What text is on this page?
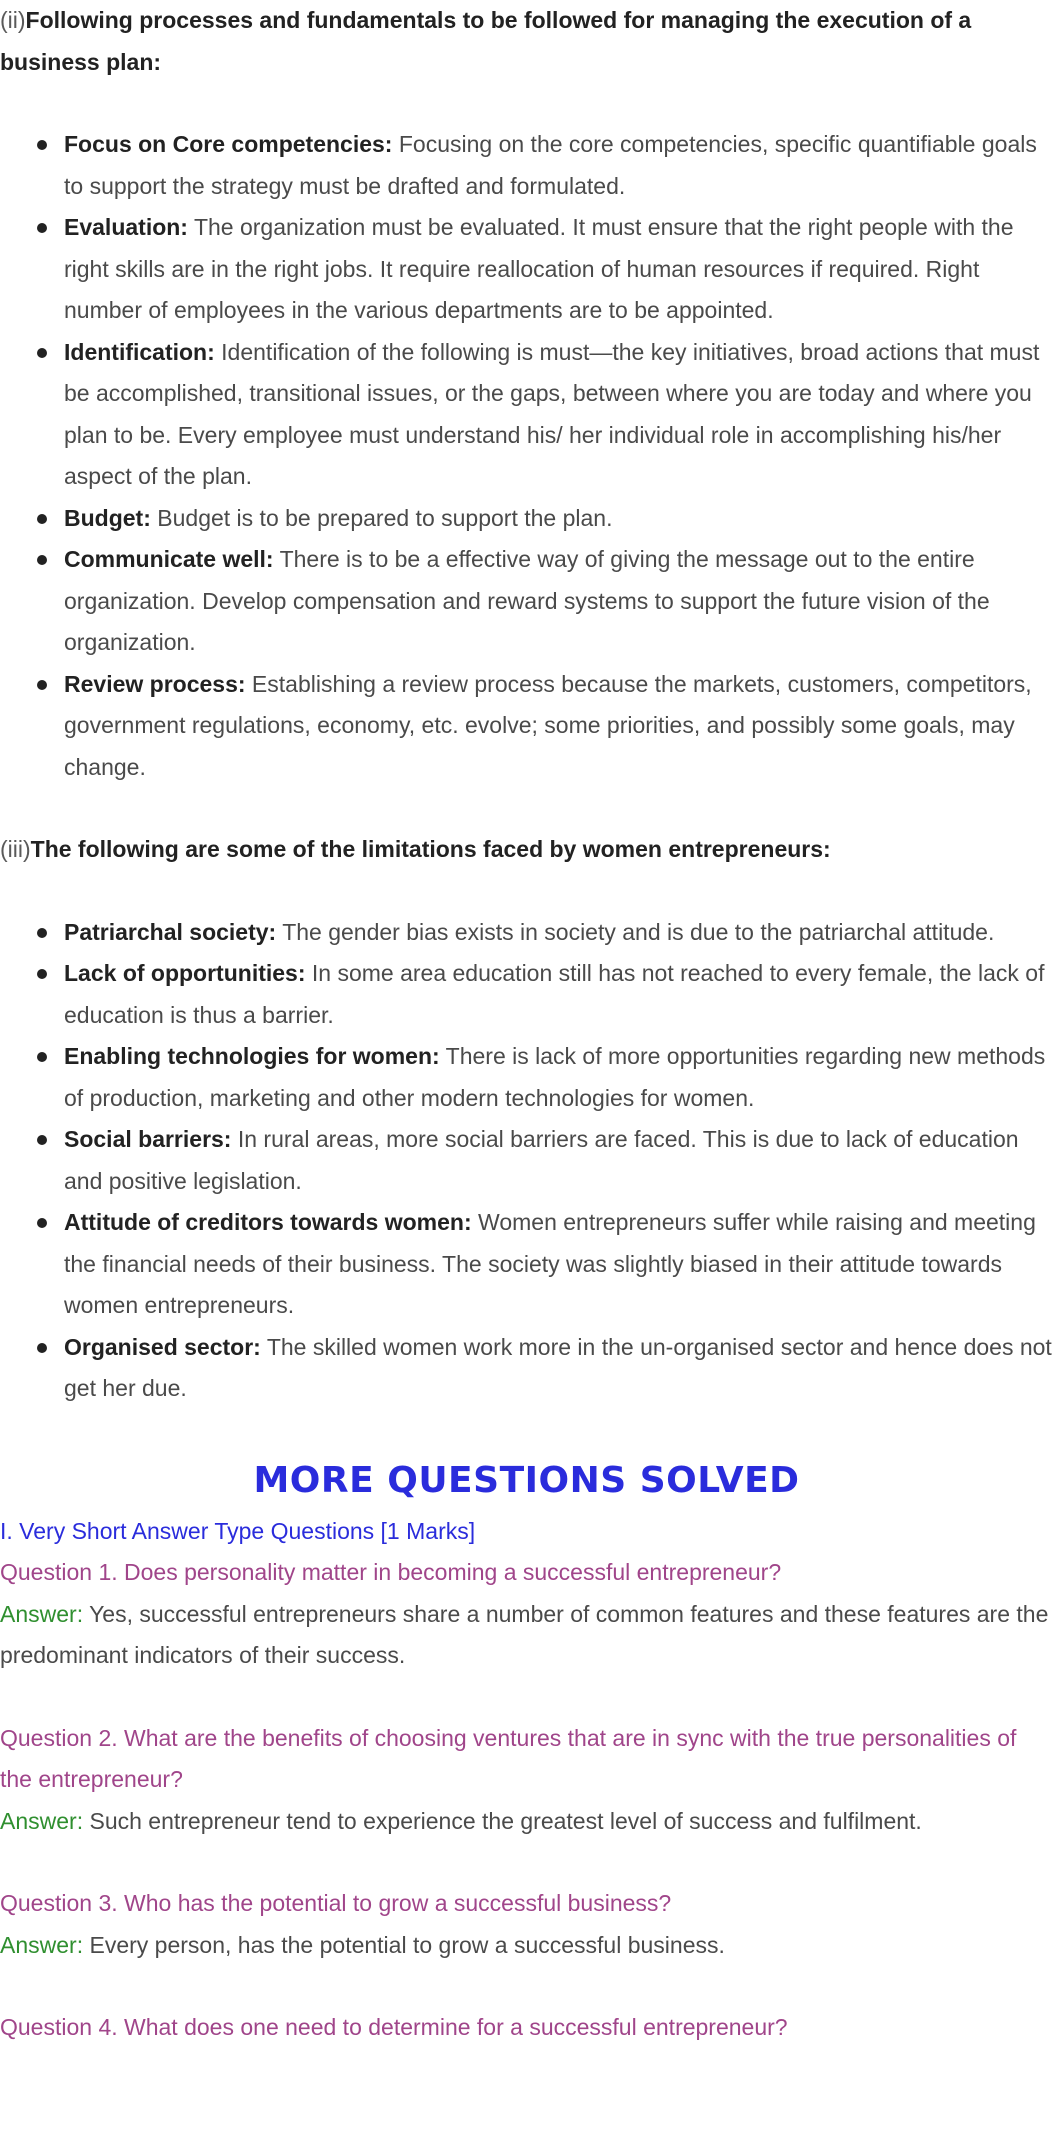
(ii)Following processes and fundamentals to be followed for managing the execution of a business plan:

Focus on Core competencies: Focusing on the core competencies, specific quantifiable goals to support the strategy must be drafted and formulated.
Evaluation: The organization must be evaluated. It must ensure that the right people with the right skills are in the right jobs. It require reallocation of human resources if required. Right number of employees in the various departments are to be appointed.
Identification: Identification of the following is must—the key initiatives, broad actions that must be accomplished, transitional issues, or the gaps, between where you are today and where you plan to be. Every employee must understand his/ her individual role in accomplishing his/her aspect of the plan.
Budget: Budget is to be prepared to support the plan.
Communicate well: There is to be a effective way of giving the message out to the entire organization. Develop compensation and reward systems to support the future vision of the organization.
Review process: Establishing a review process because the markets, customers, competitors, government regulations, economy, etc. evolve; some priorities, and possibly some goals, may change.

(iii)The following are some of the limitations faced by women entrepreneurs:

Patriarchal society: The gender bias exists in society and is due to the patriarchal attitude.
Lack of opportunities: In some area education still has not reached to every female, the lack of education is thus a barrier.
Enabling technologies for women: There is lack of more opportunities regarding new methods of production, marketing and other modern technologies for women.
Social barriers: In rural areas, more social barriers are faced. This is due to lack of education and positive legislation.
Attitude of creditors towards women: Women entrepreneurs suffer while raising and meeting the financial needs of their business. The society was slightly biased in their attitude towards women entrepreneurs.
Organised sector: The skilled women work more in the un-organised sector and hence does not get her due.
MORE QUESTIONS SOLVED

I. Very Short Answer Type Questions [1 Marks]

Question 1. Does personality matter in becoming a successful entrepreneur?

Answer: Yes, successful entrepreneurs share a number of common features and these features are the predominant indicators of their success.

Question 2. What are the benefits of choosing ventures that are in sync with the true personalities of the entrepreneur?

Answer: Such entrepreneur tend to experience the greatest level of success and fulfilment.

Question 3. Who has the potential to grow a successful business?

Answer: Every person, has the potential to grow a successful business.

Question 4. What does one need to determine for a successful entrepreneur?
